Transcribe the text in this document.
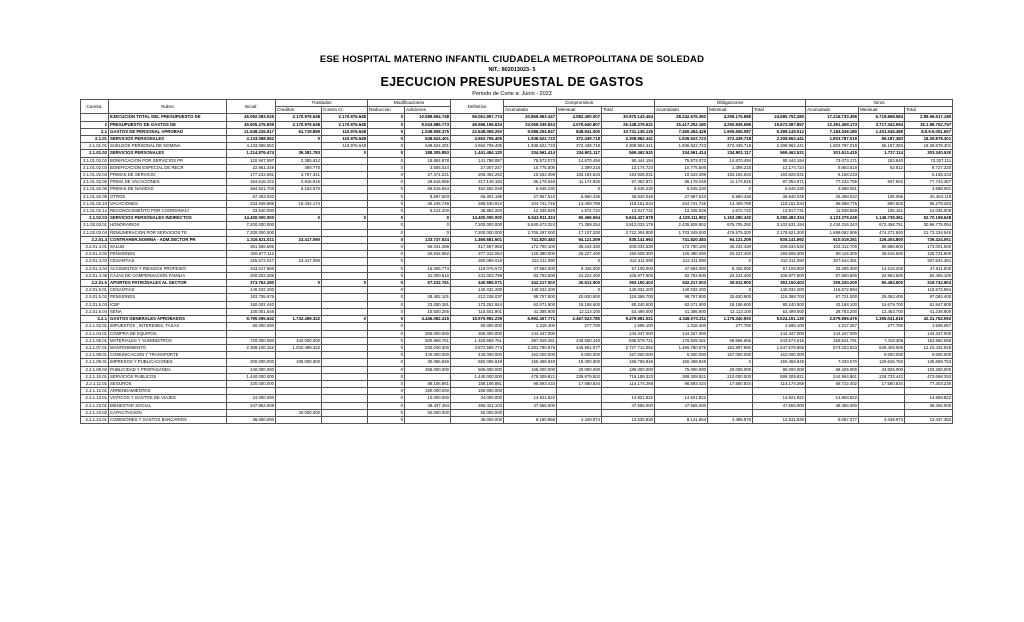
ESE HOSPITAL MATERNO INFANTIL CIUDADELA METROPOLITANA DE SOLEDAD
NIT.: 802013023- 5
EJECUCION PRESUPUESTAL DE GASTOS
Periodo de Corte a: Junio - 2023
Cuenta:	Rubro	Inicial:	Traslados		Modificaciones		Definitivo	Compromisos			Obligaciones			Giros		
			Creditos	Contra Cr.	Reduccion	Adiciones		Acumulado	Mensual	Total	Acumulado	Mensual	Total	Acumulado	Mensual	Total
	EJECUCION TOTAL DEL PRESUPUESTO DE	46.092.083.025	2.170.976.648	2.170.976.648	0	10.089.954.748	56.061.997.774	20.865.963.447	4.082.400.007	30.970.143.454	28.242.576.392	4.259.175.888	24.580.752.280	17.216.733.396	5.719.868.584	2.89.56.617.180
2	PRESUPUESTO DE GASTOS DE	45.905.276.839	2.170.976.648	2.170.976.648	0	8.043.886.773	49.996.156.634	23.069.339.824	4.079.640.807	26.148.279.631	15.417.252.180	4.250.835.698	19.672.087.857	12.391.409.173	3.717.342.594	15.1.98.752.767
2.1	GASTOS DE PERSONAL APROBAD	21.648.226.617	61.719.899	110.976.648	0	1.049.908.375	22.648.069.293	9.089.254.947	848.941.000	10.741.135.135	7.460.454.428	1.905.655.087	9.389.149.512	7.184.049.180	1.401.545.489	8.5.9.5.051.657
2.1.01	SERVICIOS PERSONALES	4.133.068.552	0	110.976.648	0	648.624.401	4.662.706.405	1.936.522.723	372.439.718	2.308.962.441	1.936.522.723	372.439.718	2.308.962.441	1.803.787.019	66.187.383	18.29.878.301
2.1.01.01	SUELDOS PERSONAL DE NOMINA	4.133.068.552		110.976.648	0	648.624.401	4.662.706.405	1.936.522.723	372.439.718	2.308.962.441	1.936.522.723	372.439.718	2.308.962.441	1.803.787.019	66.187.383	18.29.878.301
2.1.01.02	SERVICIOS PERSONALES	1.214.876.474	39.381.783	0	0	188.305.853	1.441.484.120	334.561.414	234.901.117	569.462.531	334.561.414	234.901.117	569.462.531	301.613.415	1.727.114	303.340.530
2.1.01.02.02	BONIFICACION POR SERVICIOS PR	120.947.097	2.385.612		0	18.884.878	141.788.087	75.573.073	14.870.494	90.444.194	75.573.073	14.870.494	90.444.194	73.073.171	253.940	73.327.111
2.1.01.02.03	BONIFICACION ESPECIAL DE RECR	22.961.449	490.775		0	3.555.024	27.007.247	10.775.506	1.399.218	12.174.724	10.775.506	1.399.218	12.174.724	9.863.518	63.812	9.727.330
2.1.01.02.04	PRIMAS DE SERVICIO	177.233.691	3.787.341		0	27.471.221	206.492.253	10.633.399	183.194.633	193.828.031	10.633.399	183.194.633	193.828.031	5.168.233		5.168.233
2.1.01.02.05	PRIMA DE VACACIONES	184.618.422	3.915.916		0	28.615.855	217.149.193	86.178.048	11.174.825	97.352.871	86.178.048	11.174.825	97.352.871	77.234.755	507.602	77.742.357
2.1.01.02.06	PRIMAS DE NAVIDAD	384.821.705	8.153.970		0	59.616.564	452.592.049	6.645.230	0	6.645.230	6.645.230	0	6.645.230	3.588.081		3.588.081
2.1.01.02.08	OTROS	57.403.032			0	8.897.503	66.301.195	27.967.610	6.960.436	36.940.049	27.967.610	6.960.436	36.940.049	25.358.022	105.096	25.463.118
2.1.01.02.10	VACACIONES	233.949.989	19.434.174		0	36.245.749	289.530.912	104.741.745	13.409.789	118.151.534	104.741.745	13.409.789	118.151.534	95.588.775	690.503	96.279.283
2.1.01.02.12	RECONOCIMIENTO POR COORDINACI	33.640.000			0	5.214.200	38.854.200	12.345.929	1.672.722	13.917.731	12.345.929	1.672.722	13.917.731	11.938.858	106.151	12.045.009
2.1.02.03	SERVICIOS PERSONALES INDIRECTOS	14.400.000.000	0	0	0	0	14.400.000.000	5.543.911.324	80.466.654	5.624.427.978	4.129.111.902	1.153.280.432	5.282.492.334	4.123.379.249	1.146.739.361	52.70.159.648
2.1.02.03.01	HONORARIOS	7.200.000.000			0	0	7.200.000.000	5.840.673.324	71.359.254	3.912.033.179	2.435.928.902	676.705.292	3.102.631.194	2.434.316.343	672.458.751	30.96.775.094
2.1.02.03.04	REMUNERACION POR SERVICIOS TE	7.200.000.000			0	0	7.200.000.000	2.705.297.000	17.107.200	2.722.404.800	1.703.349.000	476.575.200	2.179.921.200	1.689.062.906	474.271.840	21.73.334.546
2.2.01.4	CONTRAHER.NOMINA - ADM.SECTOR PR	1.316.521.011	23.417.090		0	133.737.524	1.465.681.601	741.820.483	94.121.209	835.141.692	741.820.483	94.121.209	835.141.692	610.019.251	126.404.800	736.424.051
2.2.01.4.01	SALUD	361.556.695			0	66.041.288	417.597.983	172.790.100	36.244.430	209.034.530	172.790.100	36.244.430	209.034.530	102.412.700	80.988.800	173.001.500
2.2.01.4.02	PENSIONES	326.677.112			0	50.634.952	377.312.064	125.380.000	25.227.400	150.608.300	125.380.000	25.227.400	150.608.300	89.115.300	36.615.500	125.731.800
2.2.01.4.03	CESANTIAS	326.672.017	23.417.090		0		350.089.015	312.411.090	0	312.411.090	312.411.090	0	312.411.090	307.644.391		307.644.391
2.2.01.4.04	ACCIDENTES Y RIESGOS PROFESIO	103.017.866			0	16.065.774	119.076.672	47.684.000	9.425.000	57.109.000	47.684.000	9.425.000	57.109.000	33.296.300	14.215.200	47.511.500
2.2.01.4.05	CAJAS DE COMPENSACION FAMILIA	200.003.289			0	31.000.510	231.003.799	82.753.500	24.224.400	106.977.900	82.753.500	24.224.400	106.977.900	57.550.600	24.904.500	82.455.100
2.2.01.5	APORTES PATRONALES AL SECTOR	373.762.280	0	0	0	67.232.761	440.995.071	342.217.003	30.612.900	393.150.403	342.217.003	30.612.900	393.150.403	259.240.200	60.494.600	319.742.904
2.2.01.5.01	CESANTIAS	140.032.200			0		140.032.200	140.032.200	0	140.032.200	140.032.200	0	140.032.200	115.572.994		115.572.994
2.2.01.5.02	PENSIONES	183.755.676			0	28.482.101	212.238.037	98.757.800	20.630.900	119.388.700	98.757.800	20.630.900	119.388.700	67.721.000	29.363.400	97.084.400
2.2.01.5.03	ICBF	150.002.440			0	23.250.381	173.252.844	62.071.900	18.168.600	80.240.500	62.071.900	18.168.600	80.240.500	43.168.100	16.679.700	61.847.800
2.2.01.5.04	SENA	100.001.646			0	15.500.255	115.501.901	41.385.900	12.113.100	53.499.000	41.385.900	12.113.100	53.499.000	28.783.200	12.453.700	41.236.900
2.2.1	GASTOS GENERALES APROBADOS	9.790.095.642	1.732.499.322	0	0	4.446.082.415	15.970.992.239	6.992.457.771	2.467.523.780	9.479.981.021	4.348.070.211	1.175.340.920	5.524.151.130	2.879.959.476	1.355.041.616	42.31.752.092
2.2.1.02.01	IMPUESTOS , INTERESES, TASAS	50.000.000			0		50.000.000	1.318.400	277.700	1.596.100	1.318.400	277.700	1.596.100	1.317.357	277.700	1.595.057
2.2.1.04.01	COMPRA DE EQUIPOS				0	305.000.000	305.000.000	144.347.000		144.347.000	144.347.000		144.347.000	144.347.000		144.347.000
2.2.1.05.01	MATERIALES Y SUMINISTROS	720.000.000	100.000.000		0	500.869.761	1.320.869.761	397.929.281	439.650.440	836.579.721	176.929.281	66.666.666	243.674.616	158.641.791	7.419.308	163.980.599
2.2.1.07.01	MANTENIMIENTO	2.308.100.152	1.042.489.322		0	530.040.300	3.872.599.774	2.281.780.975	445.951.077	2.727.712.052	1.465.780.975	181.897.890	1.647.678.865	574.023.923	636.409.005	12.10.432.928
2.2.1.08.01	COMUNICACION Y TRANSPORTE				0	440.000.000	440.000.000	162.000.000	5.000.000	167.000.000	5.000.000	157.000.000	162.000.000		9.600.000	9.600.000
2.2.1.09.01	IMPRESOS Y PUBLICACIONES	300.000.000	180.000.000		0	30.096.849	550.096.849	150.468.849	18.300.000	166.768.849	150.468.849	0	150.468.849	7.033.570	129.625.783	136.659.753
2.2.1.09.02	PUBLICIDAD Y PROPAGANDA	240.000.000			0	265.000.000	505.000.000	165.000.000	20.000.000	185.000.000	75.000.000	20.000.000	95.000.000	68.425.000	34.825.000	103.250.000
2.2.1.10.01	SERVICIOS PUBLICOS	1.440.000.000			0		1.440.000.000	479.309.821	239.879.502	719.189.323	389.309.821	210.000.000	599.309.821	244.964.861	228.733.442	473.698.293
2.2.1.11.01	SEGUROS	100.000.000			0	88.106.881	188.106.881	96.593.434	17.580.834	114.174.268	96.593.434	17.580.834	114.174.268	59.722.402	17.580.834	77.303.236
2.2.1.12.01	ARRENDAMIENTOS				0	180.000.000	180.000.000									
2.2.1.13.01	VIATICOS Y GASTOS DE VIAJES	24.000.000			0	10.000.000	34.000.000	14.921.822		14.921.822	14.921.822		14.921.822	14.869.822		14.869.822
2.2.1.23.01	BIENESTAR SOCIAL	247.963.609			0	38.437.494	286.421.103	47.655.000		47.655.000	47.655.000		47.655.000	38.355.000		38.355.000
2.2.1.23.02	CAPACITACION		30.000.000		0	50.000.000	50.000.000									
2.2.1.24.01	COMISIONES Y GASTOS BANCARIOS	36.000.000			0		36.000.000	8.180.856	4.349.974	12.530.830	8.141.854	4.389.976	12.531.830	8.087.377	4.349.973	12.437.350
